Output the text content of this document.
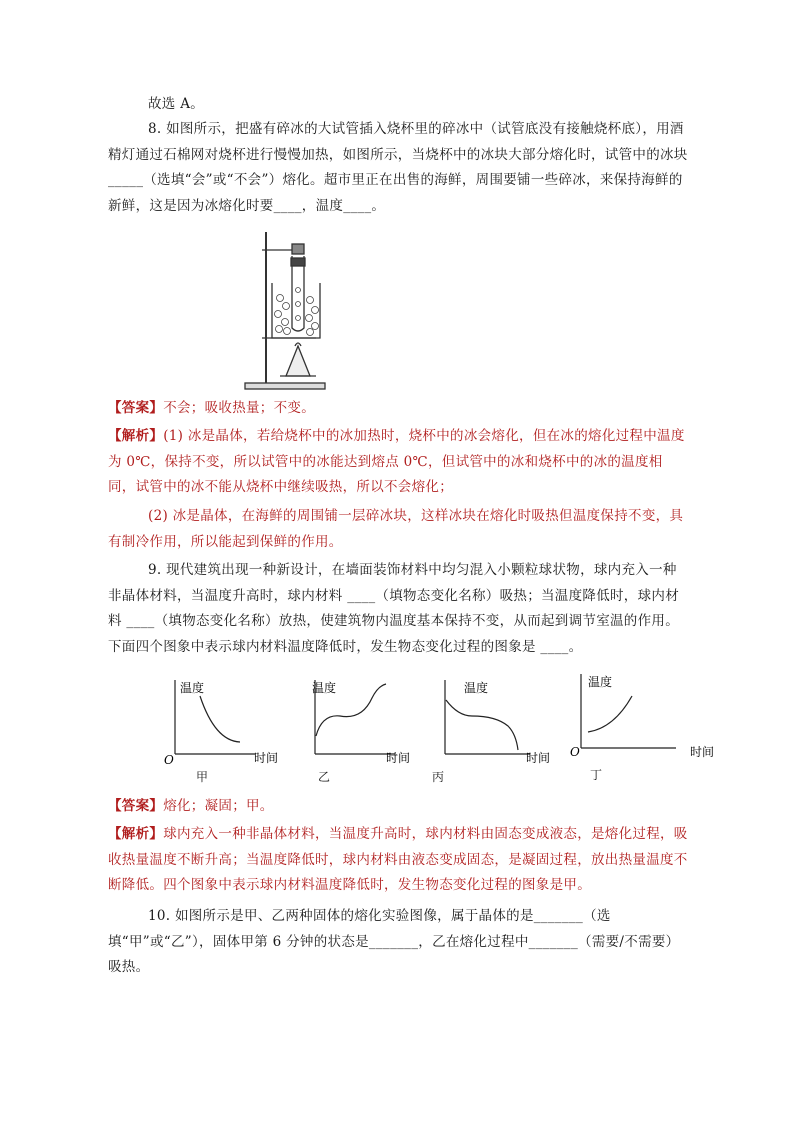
故选 A。
8. 如图所示，把盛有碎冰的大试管插入烧杯里的碎冰中（试管底没有接触烧杯底），用酒精灯通过石棉网对烧杯进行慢慢加热，如图所示，当烧杯中的冰块大部分熔化时，试管中的冰块_____（选填“会”或“不会”）熔化。超市里正在出售的海鲜，周围要铺一些碎冰，来保持海鲜的新鲜，这是因为冰熔化时要____，温度____。
【答案】不会；吸收热量；不变。
【解析】(1) 冰是晶体，若给烧杯中的冰加热时，烧杯中的冰会熔化，但在冰的熔化过程中温度为 0℃，保持不变，所以试管中的冰能达到熔点 0℃，但试管中的冰和烧杯中的冰的温度相同，试管中的冰不能从烧杯中继续吸热，所以不会熔化；
(2) 冰是晶体，在海鲜的周围铺一层碎冰块，这样冰块在熔化时吸热但温度保持不变，具有制冷作用，所以能起到保鲜的作用。
9. 现代建筑出现一种新设计，在墙面装饰材料中均匀混入小颗粒球状物，球内充入一种非晶体材料，当温度升高时，球内材料 ____（填物态变化名称）吸热；当温度降低时，球内材料 ____（填物态变化名称）放热，使建筑物内温度基本保持不变，从而起到调节室温的作用。下面四个图象中表示球内材料温度降低时，发生物态变化过程的图象是 ____。
温度
O	时间
甲
温度
时间
乙
温度
时间
丙
温度
O	时间
丁
【答案】熔化；凝固；甲。
【解析】球内充入一种非晶体材料，当温度升高时，球内材料由固态变成液态，是熔化过程，吸收热量温度不断升高；当温度降低时，球内材料由液态变成固态，是凝固过程，放出热量温度不断降低。四个图象中表示球内材料温度降低时，发生物态变化过程的图象是甲。
10. 如图所示是甲、乙两种固体的熔化实验图像，属于晶体的是_______（选填“甲”或“乙”），固体甲第 6 分钟的状态是_______，乙在熔化过程中_______（需要/不需要）吸热。
